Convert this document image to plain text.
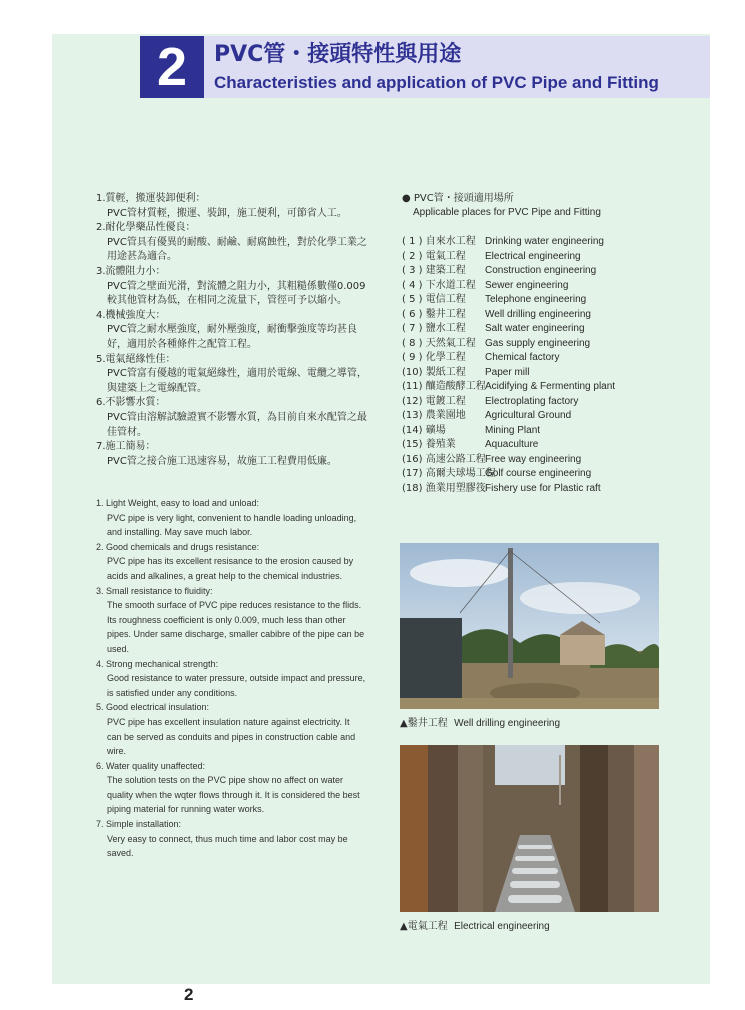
2	PVC管・接頭特性與用途
Characteristies and application of PVC Pipe and Fitting
1.質輕，搬運裝卸便利：
PVC管材質輕，搬運、裝卸，施工便利，可節省人工。
2.耐化學藥品性優良：
PVC管具有優異的耐酸、耐鹼、耐腐蝕性，對於化學工業之用途甚為適合。
3.流體阻力小：
PVC管之壁面光滑，對流體之阻力小，其粗糙係數僅0.009較其他管材為低，在相同之流量下，管徑可予以縮小。
4.機械強度大：
PVC管之耐水壓強度，耐外壓強度，耐衝擊強度等均甚良好，適用於各種條件之配管工程。
5.電氣絕緣性佳：
PVC管富有優越的電氣絕緣性，適用於電線、電纜之導管，與建築上之電線配管。
6.不影響水質：
PVC管由溶解試驗證實不影響水質，為目前自來水配管之最佳管材。
7.施工簡易：
PVC管之接合施工迅速容易，故施工工程費用低廉。
1. Light Weight, easy to load and unload:
PVC pipe is very light, convenient to handle loading unloading, and installing. May save much labor.
2. Good chemicals and drugs resistance:
PVC pipe has its excellent resisance to the erosion caused by acids and alkalines, a great help to the chemical industries.
3. Small resistance to fluidity:
The smooth surface of PVC pipe reduces resistance to the flids. Its roughness coefficient is only 0.009, much less than other pipes. Under same discharge, smaller cabibre of the pipe can be used.
4. Strong mechanical strength:
Good resistance to water pressure, outside impact and pressure, is satisfied under any conditions.
5. Good electrical insulation:
PVC pipe has excellent insulation nature against electricity. It can be served as conduits and pipes in construction cable and wire.
6. Water quality unaffected:
The solution tests on the PVC pipe show no affect on water quality when the wqter flows through it. It is considered the best piping material for running water works.
7. Simple installation:
Very easy to connect, thus much time and labor cost may be saved.
● PVC管・接頭適用場所
Applicable places for PVC Pipe and Fitting
( 1 ) 自來水工程 Drinking water engineering
( 2 ) 電氣工程 Electrical engineering
( 3 ) 建築工程 Construction engineering
( 4 ) 下水道工程 Sewer engineering
( 5 ) 電信工程 Telephone engineering
( 6 ) 鑿井工程 Well drilling engineering
( 7 ) 鹽水工程 Salt water engineering
( 8 ) 天然氣工程 Gas supply engineering
( 9 ) 化學工程 Chemical factory
(10) 製紙工程 Paper mill
(11) 釀造酸酵工程Acidifying & Fermenting plant
(12) 電鍍工程 Electroplating factory
(13) 農業園地 Agricultural Ground
(14) 礦場	Mining Plant
(15) 養殖業	Aquaculture
(16) 高速公路工程Free way engineering
(17) 高爾夫球場工程Golf course engineering
(18) 漁業用塑膠筏Fishery use for Plastic raft
▲鑿井工程 Well drilling engineering
▲電氣工程 Electrical engineering
2
